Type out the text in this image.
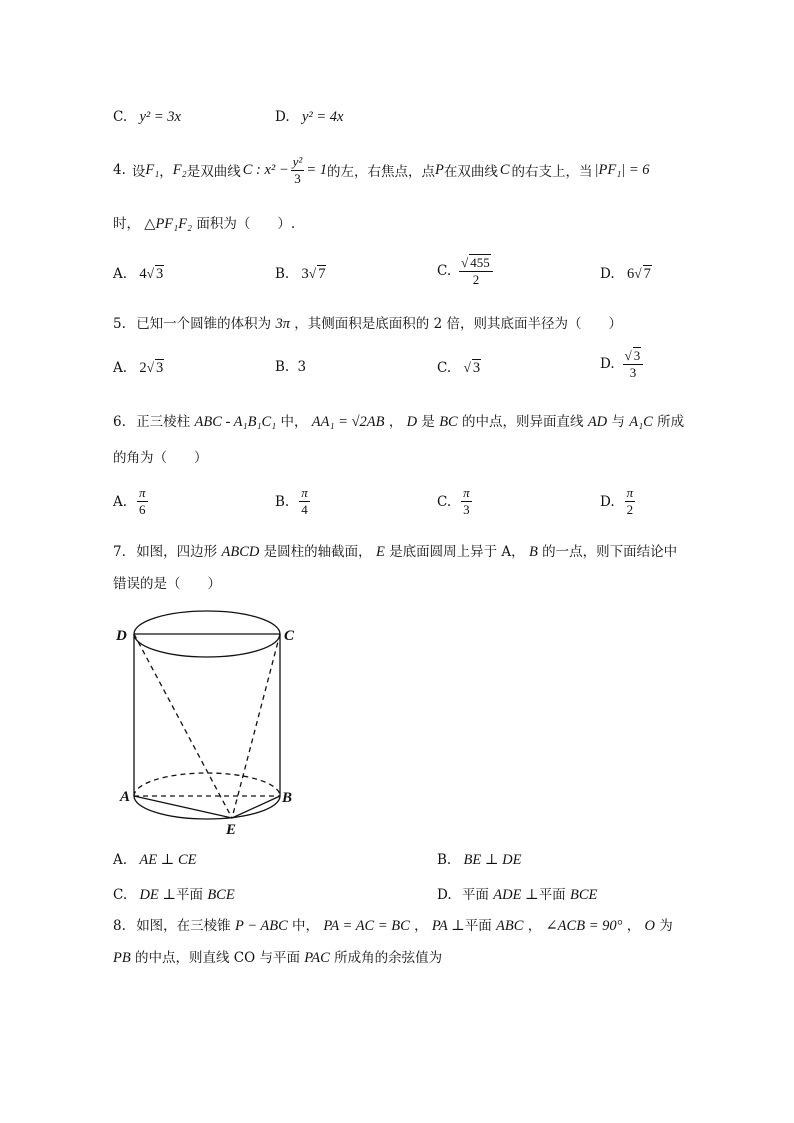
C. y² = 3x	D. y² = 4x
4. 设 F₁ ， F₂ 是双曲线 C : $x^2 - \frac{\text{y²}}{3} = 1$ 的左，右焦点，点 P 在双曲线 C 的右支上，当 |PF₁| = 6
时， △PF₁F₂ 面积为（　　）.
A. 4√ 3	B. 3√ 7	C. $\frac{√ 455}{2}$	D. 6√ 7
5. 已知一个圆锥的体积为 3π ，其侧面积是底面积的 2 倍，则其底面半径为（　　）
A. 2√ 3	B. 3	C. √ 3	D. $\frac{√ 3}{3}$
6. 正三棱柱 ABC - A₁B₁C₁ 中， AA₁ = √2AB ， D 是 BC 的中点，则异面直线 AD 与 A₁C 所成
的角为（　　）
A. $\frac{\pi}{6}$	B. $\frac{\pi}{4}$	C. $\frac{\pi}{3}$	D. $\frac{\pi}{2}$
7. 如图，四边形 ABCD 是圆柱的轴截面， E 是底面圆周上异于 A， B 的一点，则下面结论中
错误的是（　　）
D	C
A	B
E
A. AE ⊥ CE	B. BE ⊥ DE
C. DE ⊥平面 BCE	D. 平面 ADE ⊥平面 BCE
8. 如图，在三棱锥 P − ABC 中， PA = AC = BC ， PA ⊥平面 ABC ， ∠ACB = 90° ， O 为
PB 的中点，则直线 CO 与平面 PAC 所成角的余弦值为
